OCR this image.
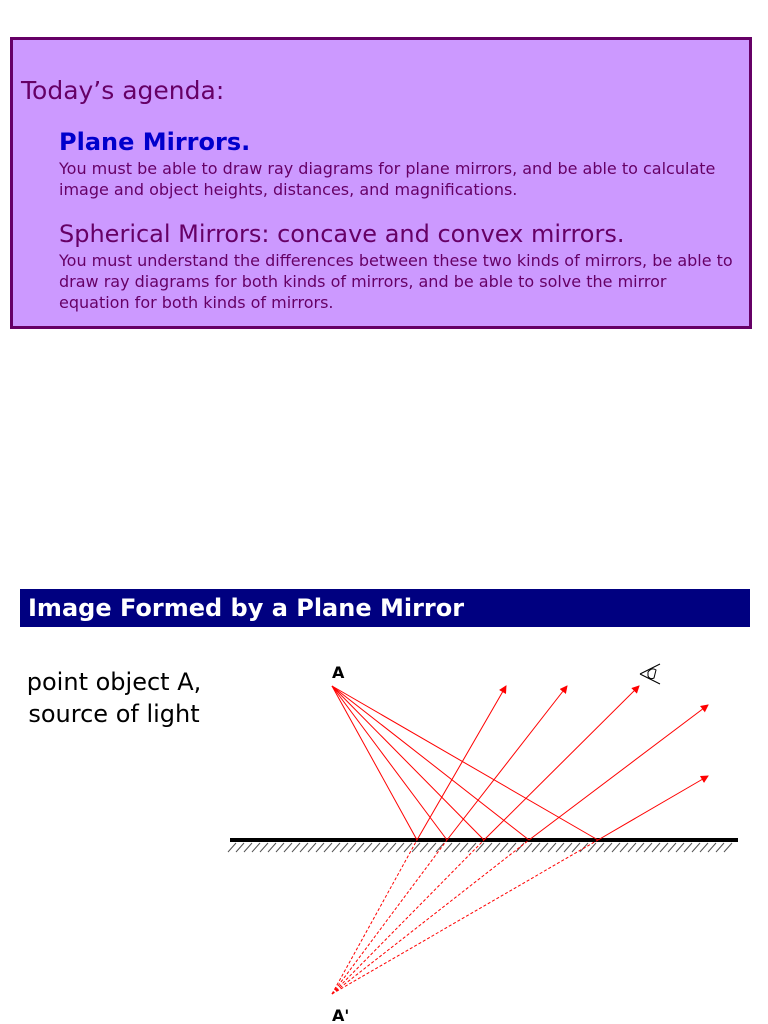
Today’s agenda:
Plane Mirrors.
You must be able to draw ray diagrams for plane mirrors, and be able to calculate image and object heights, distances, and magnifications.
Spherical Mirrors: concave and convex mirrors.
You must understand the differences between these two kinds of mirrors, be able to draw ray diagrams for both kinds of mirrors, and be able to solve the mirror equation for both kinds of mirrors.
Image Formed by a Plane Mirror
point object A,
source of light
A
A'
